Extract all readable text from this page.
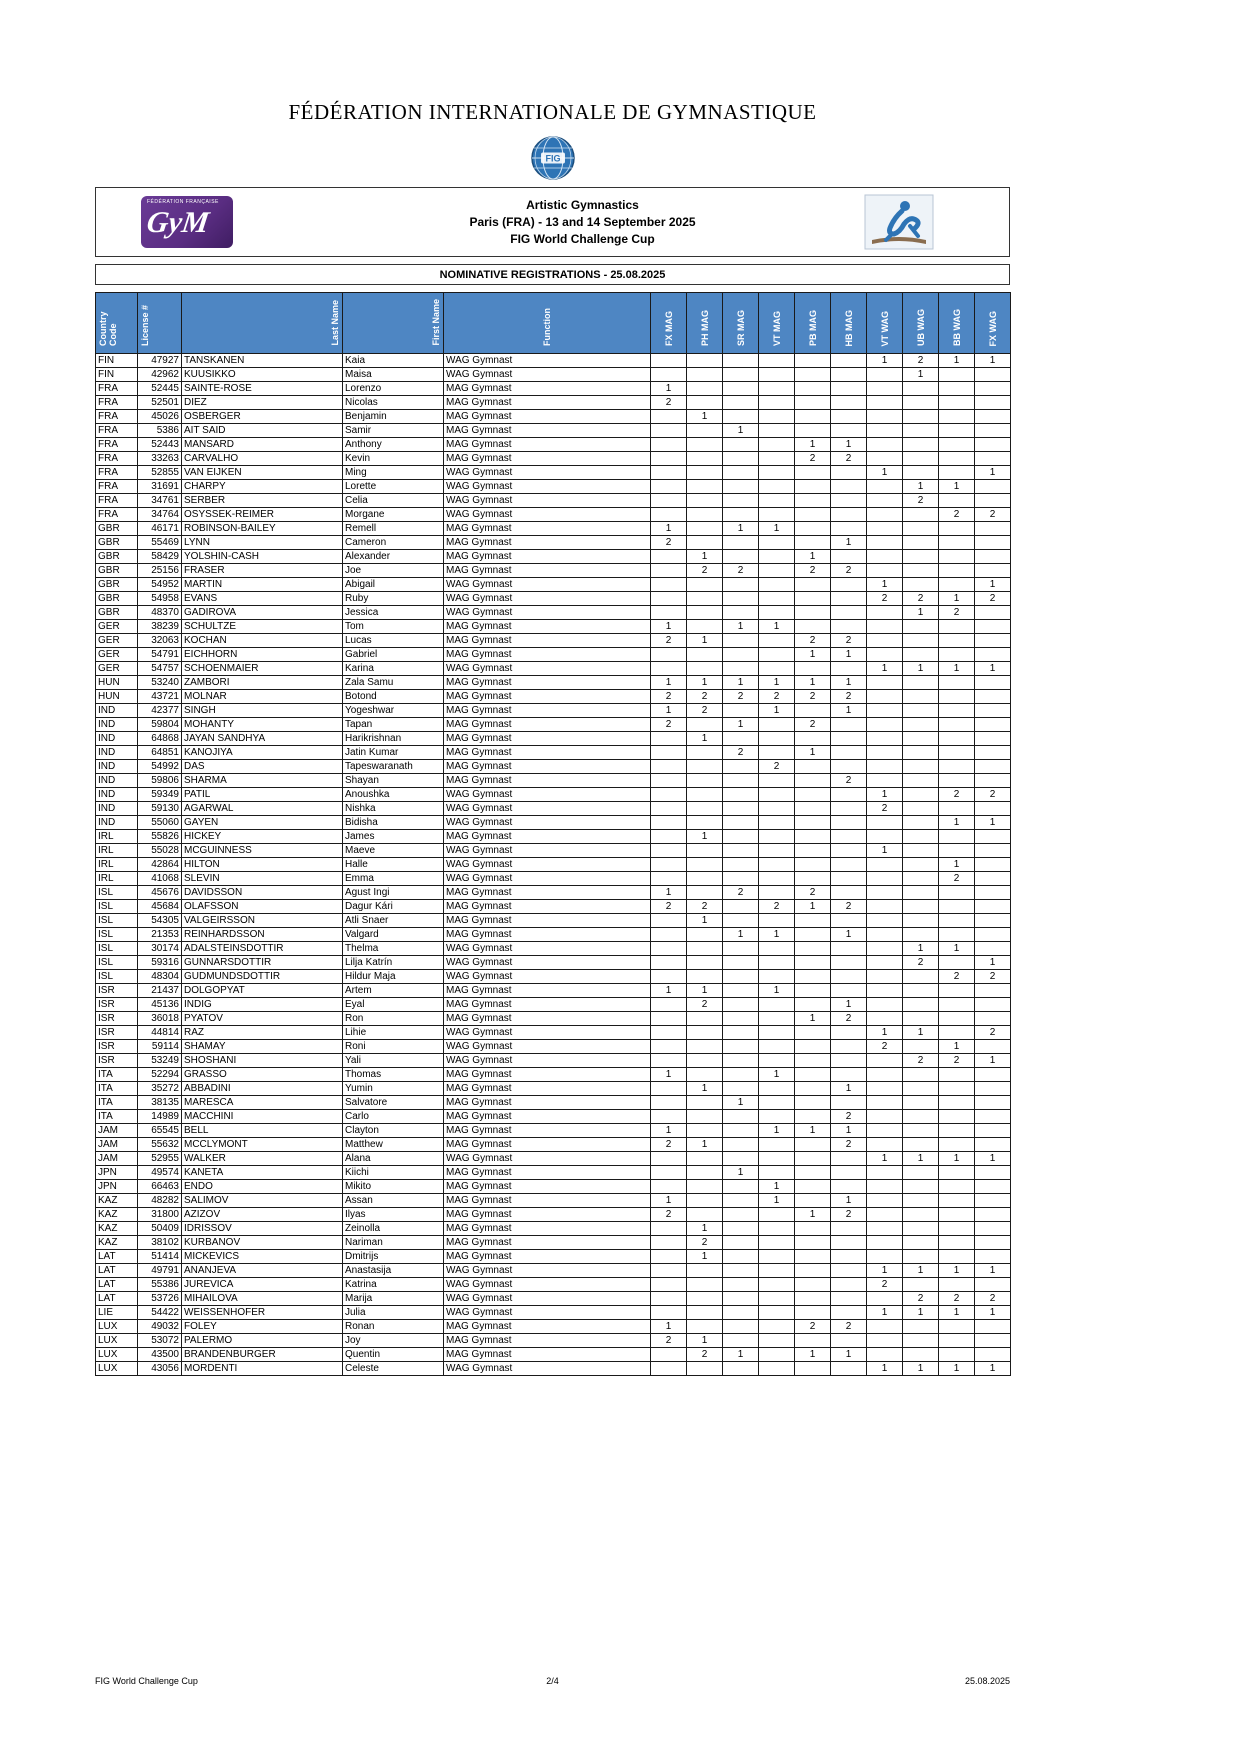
FÉDÉRATION INTERNATIONALE DE GYMNASTIQUE
FIG
FÉDÉRATION FRANÇAISE
GyM
Artistic Gymnastics
Paris (FRA) - 13 and 14 September 2025
FIG World Challenge Cup
NOMINATIVE REGISTRATIONS - 25.08.2025
Country Code	License #	Last Name	First Name	Function	FX MAG	PH MAG	SR MAG	VT MAG	PB MAG	HB MAG	VT WAG	UB WAG	BB WAG	FX WAG
FIN	47927	TANSKANEN	Kaia	WAG Gymnast							1	2	1	1
FIN	42962	KUUSIKKO	Maisa	WAG Gymnast								1		
FRA	52445	SAINTE-ROSE	Lorenzo	MAG Gymnast	1									
FRA	52501	DIEZ	Nicolas	MAG Gymnast	2									
FRA	45026	OSBERGER	Benjamin	MAG Gymnast		1								
FRA	5386	AIT SAID	Samir	MAG Gymnast			1							
FRA	52443	MANSARD	Anthony	MAG Gymnast					1	1				
FRA	33263	CARVALHO	Kevin	MAG Gymnast					2	2				
FRA	52855	VAN EIJKEN	Ming	WAG Gymnast							1			1
FRA	31691	CHARPY	Lorette	WAG Gymnast								1	1	
FRA	34761	SERBER	Celia	WAG Gymnast								2		
FRA	34764	OSYSSEK-REIMER	Morgane	WAG Gymnast									2	2
GBR	46171	ROBINSON-BAILEY	Remell	MAG Gymnast	1		1	1						
GBR	55469	LYNN	Cameron	MAG Gymnast	2					1				
GBR	58429	YOLSHIN-CASH	Alexander	MAG Gymnast		1			1					
GBR	25156	FRASER	Joe	MAG Gymnast		2	2		2	2				
GBR	54952	MARTIN	Abigail	WAG Gymnast							1			1
GBR	54958	EVANS	Ruby	WAG Gymnast							2	2	1	2
GBR	48370	GADIROVA	Jessica	WAG Gymnast								1	2	
GER	38239	SCHULTZE	Tom	MAG Gymnast	1		1	1						
GER	32063	KOCHAN	Lucas	MAG Gymnast	2	1			2	2				
GER	54791	EICHHORN	Gabriel	MAG Gymnast					1	1				
GER	54757	SCHOENMAIER	Karina	WAG Gymnast							1	1	1	1
HUN	53240	ZAMBORI	Zala Samu	MAG Gymnast	1	1	1	1	1	1				
HUN	43721	MOLNAR	Botond	MAG Gymnast	2	2	2	2	2	2				
IND	42377	SINGH	Yogeshwar	MAG Gymnast	1	2		1		1				
IND	59804	MOHANTY	Tapan	MAG Gymnast	2		1		2					
IND	64868	JAYAN SANDHYA	Harikrishnan	MAG Gymnast		1								
IND	64851	KANOJIYA	Jatin Kumar	MAG Gymnast			2		1					
IND	54992	DAS	Tapeswaranath	MAG Gymnast				2						
IND	59806	SHARMA	Shayan	MAG Gymnast						2				
IND	59349	PATIL	Anoushka	WAG Gymnast							1		2	2
IND	59130	AGARWAL	Nishka	WAG Gymnast							2			
IND	55060	GAYEN	Bidisha	WAG Gymnast									1	1
IRL	55826	HICKEY	James	MAG Gymnast		1								
IRL	55028	MCGUINNESS	Maeve	WAG Gymnast							1			
IRL	42864	HILTON	Halle	WAG Gymnast									1	
IRL	41068	SLEVIN	Emma	WAG Gymnast									2	
ISL	45676	DAVIDSSON	Agust Ingi	MAG Gymnast	1		2		2					
ISL	45684	OLAFSSON	Dagur Kári	MAG Gymnast	2	2		2	1	2				
ISL	54305	VALGEIRSSON	Atli Snaer	MAG Gymnast		1								
ISL	21353	REINHARDSSON	Valgard	MAG Gymnast			1	1		1				
ISL	30174	ADALSTEINSDOTTIR	Thelma	WAG Gymnast								1	1	
ISL	59316	GUNNARSDOTTIR	Lilja Katrín	WAG Gymnast								2		1
ISL	48304	GUDMUNDSDOTTIR	Hildur Maja	WAG Gymnast									2	2
ISR	21437	DOLGOPYAT	Artem	MAG Gymnast	1	1		1						
ISR	45136	INDIG	Eyal	MAG Gymnast		2				1				
ISR	36018	PYATOV	Ron	MAG Gymnast					1	2				
ISR	44814	RAZ	Lihie	WAG Gymnast							1	1		2
ISR	59114	SHAMAY	Roni	WAG Gymnast							2		1	
ISR	53249	SHOSHANI	Yali	WAG Gymnast								2	2	1
ITA	52294	GRASSO	Thomas	MAG Gymnast	1			1						
ITA	35272	ABBADINI	Yumin	MAG Gymnast		1				1				
ITA	38135	MARESCA	Salvatore	MAG Gymnast			1							
ITA	14989	MACCHINI	Carlo	MAG Gymnast						2				
JAM	65545	BELL	Clayton	MAG Gymnast	1			1	1	1				
JAM	55632	MCCLYMONT	Matthew	MAG Gymnast	2	1				2				
JAM	52955	WALKER	Alana	WAG Gymnast							1	1	1	1
JPN	49574	KANETA	Kiichi	MAG Gymnast			1							
JPN	66463	ENDO	Mikito	MAG Gymnast				1						
KAZ	48282	SALIMOV	Assan	MAG Gymnast	1			1		1				
KAZ	31800	AZIZOV	Ilyas	MAG Gymnast	2				1	2				
KAZ	50409	IDRISSOV	Zeinolla	MAG Gymnast		1								
KAZ	38102	KURBANOV	Nariman	MAG Gymnast		2								
LAT	51414	MICKEVICS	Dmitrijs	MAG Gymnast		1								
LAT	49791	ANANJEVA	Anastasija	WAG Gymnast							1	1	1	1
LAT	55386	JUREVICA	Katrina	WAG Gymnast							2			
LAT	53726	MIHAILOVA	Marija	WAG Gymnast								2	2	2
LIE	54422	WEISSENHOFER	Julia	WAG Gymnast							1	1	1	1
LUX	49032	FOLEY	Ronan	MAG Gymnast	1				2	2				
LUX	53072	PALERMO	Joy	MAG Gymnast	2	1								
LUX	43500	BRANDENBURGER	Quentin	MAG Gymnast		2	1		1	1				
LUX	43056	MORDENTI	Celeste	WAG Gymnast							1	1	1	1
2/4
FIG World Challenge Cup	25.08.2025
